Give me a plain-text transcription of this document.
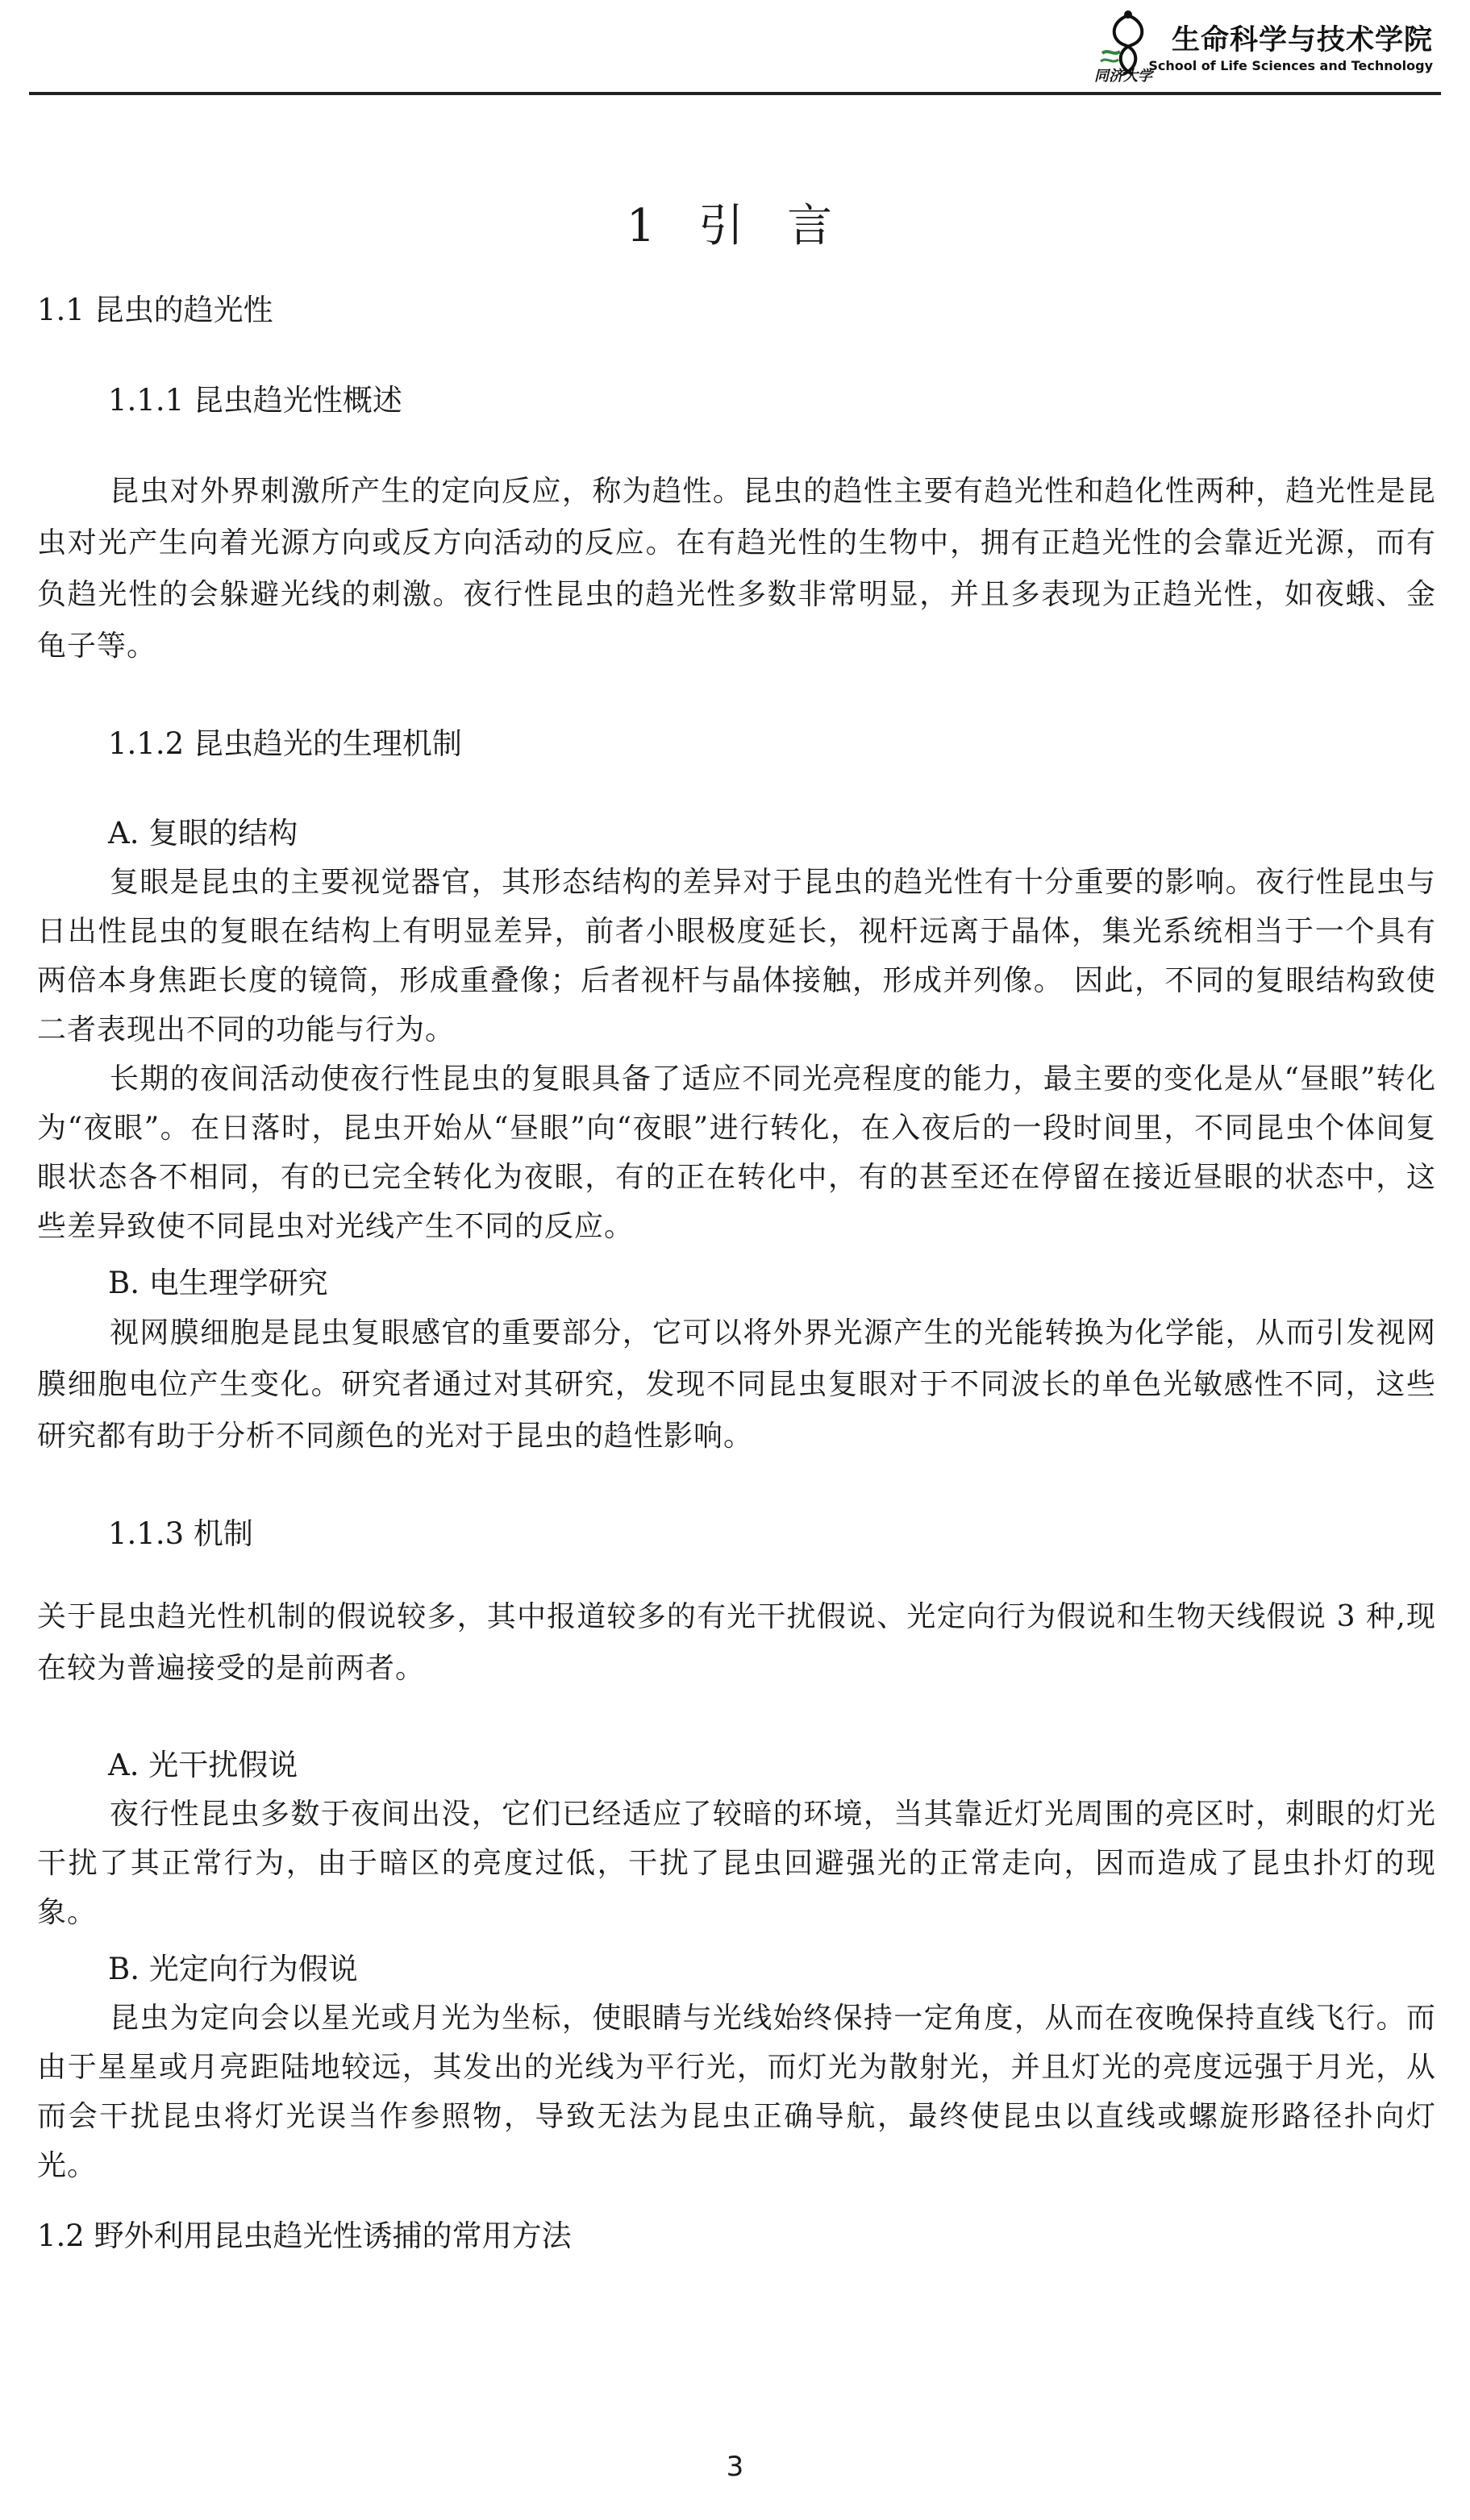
同济大学
生命科学与技术学院
School of Life Sciences and Technology
1 引 言
1.1 昆虫的趋光性
1.1.1 昆虫趋光性概述
昆虫对外界刺激所产生的定向反应，称为趋性。昆虫的趋性主要有趋光性和趋化性两种，趋光性是昆虫对光产生向着光源方向或反方向活动的反应。在有趋光性的生物中，拥有正趋光性的会靠近光源，而有负趋光性的会躲避光线的刺激。夜行性昆虫的趋光性多数非常明显，并且多表现为正趋光性，如夜蛾、金龟子等。
1.1.2 昆虫趋光的生理机制
A. 复眼的结构
复眼是昆虫的主要视觉器官，其形态结构的差异对于昆虫的趋光性有十分重要的影响。夜行性昆虫与日出性昆虫的复眼在结构上有明显差异，前者小眼极度延长，视杆远离于晶体，集光系统相当于一个具有两倍本身焦距长度的镜筒，形成重叠像；后者视杆与晶体接触，形成并列像。 因此，不同的复眼结构致使二者表现出不同的功能与行为。
长期的夜间活动使夜行性昆虫的复眼具备了适应不同光亮程度的能力，最主要的变化是从“昼眼”转化为“夜眼”。在日落时，昆虫开始从“昼眼”向“夜眼”进行转化，在入夜后的一段时间里，不同昆虫个体间复眼状态各不相同，有的已完全转化为夜眼，有的正在转化中，有的甚至还在停留在接近昼眼的状态中，这些差异致使不同昆虫对光线产生不同的反应。
B. 电生理学研究
视网膜细胞是昆虫复眼感官的重要部分，它可以将外界光源产生的光能转换为化学能，从而引发视网膜细胞电位产生变化。研究者通过对其研究，发现不同昆虫复眼对于不同波长的单色光敏感性不同，这些研究都有助于分析不同颜色的光对于昆虫的趋性影响。
1.1.3 机制
关于昆虫趋光性机制的假说较多，其中报道较多的有光干扰假说、光定向行为假说和生物天线假说 3 种,现在较为普遍接受的是前两者。
A. 光干扰假说
夜行性昆虫多数于夜间出没，它们已经适应了较暗的环境，当其靠近灯光周围的亮区时，刺眼的灯光干扰了其正常行为，由于暗区的亮度过低，干扰了昆虫回避强光的正常走向，因而造成了昆虫扑灯的现象。
B. 光定向行为假说
昆虫为定向会以星光或月光为坐标，使眼睛与光线始终保持一定角度，从而在夜晚保持直线飞行。而由于星星或月亮距陆地较远，其发出的光线为平行光，而灯光为散射光，并且灯光的亮度远强于月光，从而会干扰昆虫将灯光误当作参照物，导致无法为昆虫正确导航，最终使昆虫以直线或螺旋形路径扑向灯光。
1.2 野外利用昆虫趋光性诱捕的常用方法
3
